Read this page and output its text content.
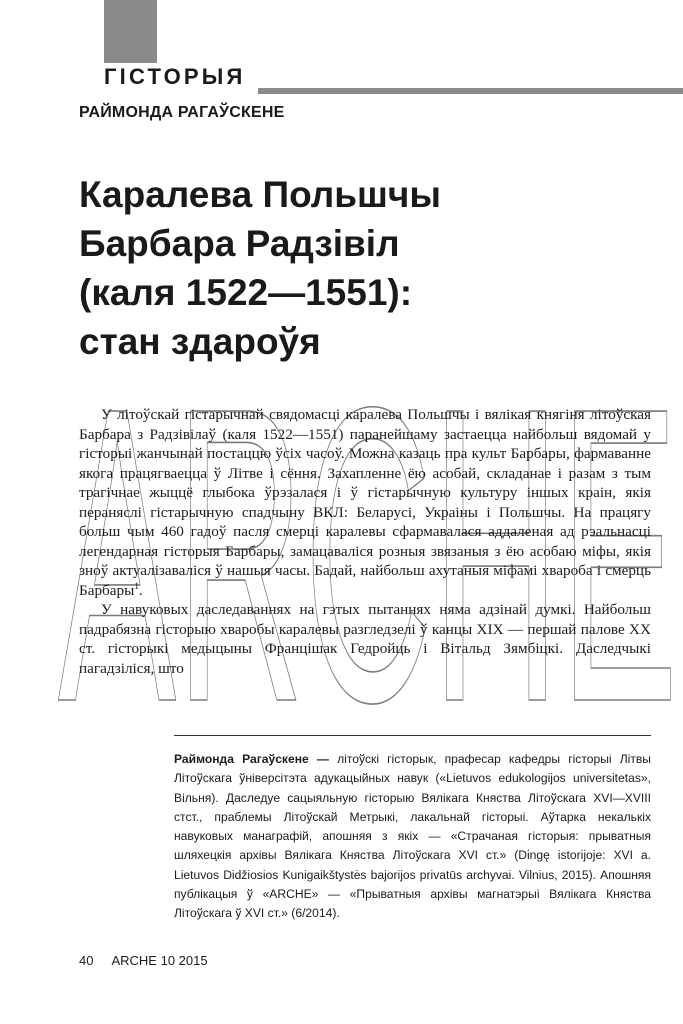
ГІСТОРЫЯ
РАЙМОНДА РАГАЎСКЕНЕ
Каралева Польшчы
Барбара Радзівіл
(каля 1522—1551):
стан здароўя
ARCHE

У літоўскай гістарычнай свядомасці каралева Польшчы і вялікая княгіня літоўская Барбара з Радзівілаў (каля 1522—1551) паранейшаму застаецца найбольш вядомай у гісторыі жанчынай постаццю ўсіх часоў. Можна казаць пра культ Барбары, фармаванне якога працягваецца ў Літве і сёння. Захапленне ёю асобай, складанае і разам з тым трагічнае жыццё глыбока ўрэзалася і ў гістарычную культуру іншых краін, якія пераняслі гістарычную спадчыну ВКЛ: Беларусі, Украіны і Польшчы. На працягу больш чым 460 гадоў пасля смерці каралевы сфармавалася аддаленая ад рэальнасці легендарная гісторыя Барбары, замацаваліся розныя звязаныя з ёю асобаю міфы, якія зноў актуалізаваліся ў нашыя часы. Бадай, найбольш ахутаныя міфамі хвароба і смерць Барбары$^1$.

У навуковых даследаваннях на гэтых пытаннях няма адзінай думкі. Найбольш падрабязна гісторыю хваробы каралевы разгледзелі ў канцы ХІХ — першай палове ХХ ст. гісторыкі медыцыны Францішак Гедройць і Вітальд Зямбіцкі. Даследчыкі пагадзіліся, што

Раймонда Рагаўскене — літоўскі гісторык, прафесар кафедры гісторыі Літвы Літоўскага ўніверсітэта адукацыйных навук («Lietuvos edukologijos universitetas», Вільня). Даследуе сацыяльную гісторыю Вялікага Княства Літоўскага XVI—XVIII стст., праблемы Літоўскай Метрыкі, лакальнай гісторыі. Аўтарка некалькіх навуковых манаграфій, апошняя з якіх — «Страчаная гісторыя: прыватныя шляхецкія архівы Вялікага Княства Літоўскага XVI ст.» (Dingę istorijoje: XVI a. Lietuvos Didžiosios Kunigaikštystės bajorijos privatūs archyvai. Vilnius, 2015). Апошняя публікацыя ў «ARCHE» — «Прыватныя архівы магнатэрыі Вялікага Княства Літоўскага ў XVI ст.» (6/2014).
40 ARCHE 10 2015
